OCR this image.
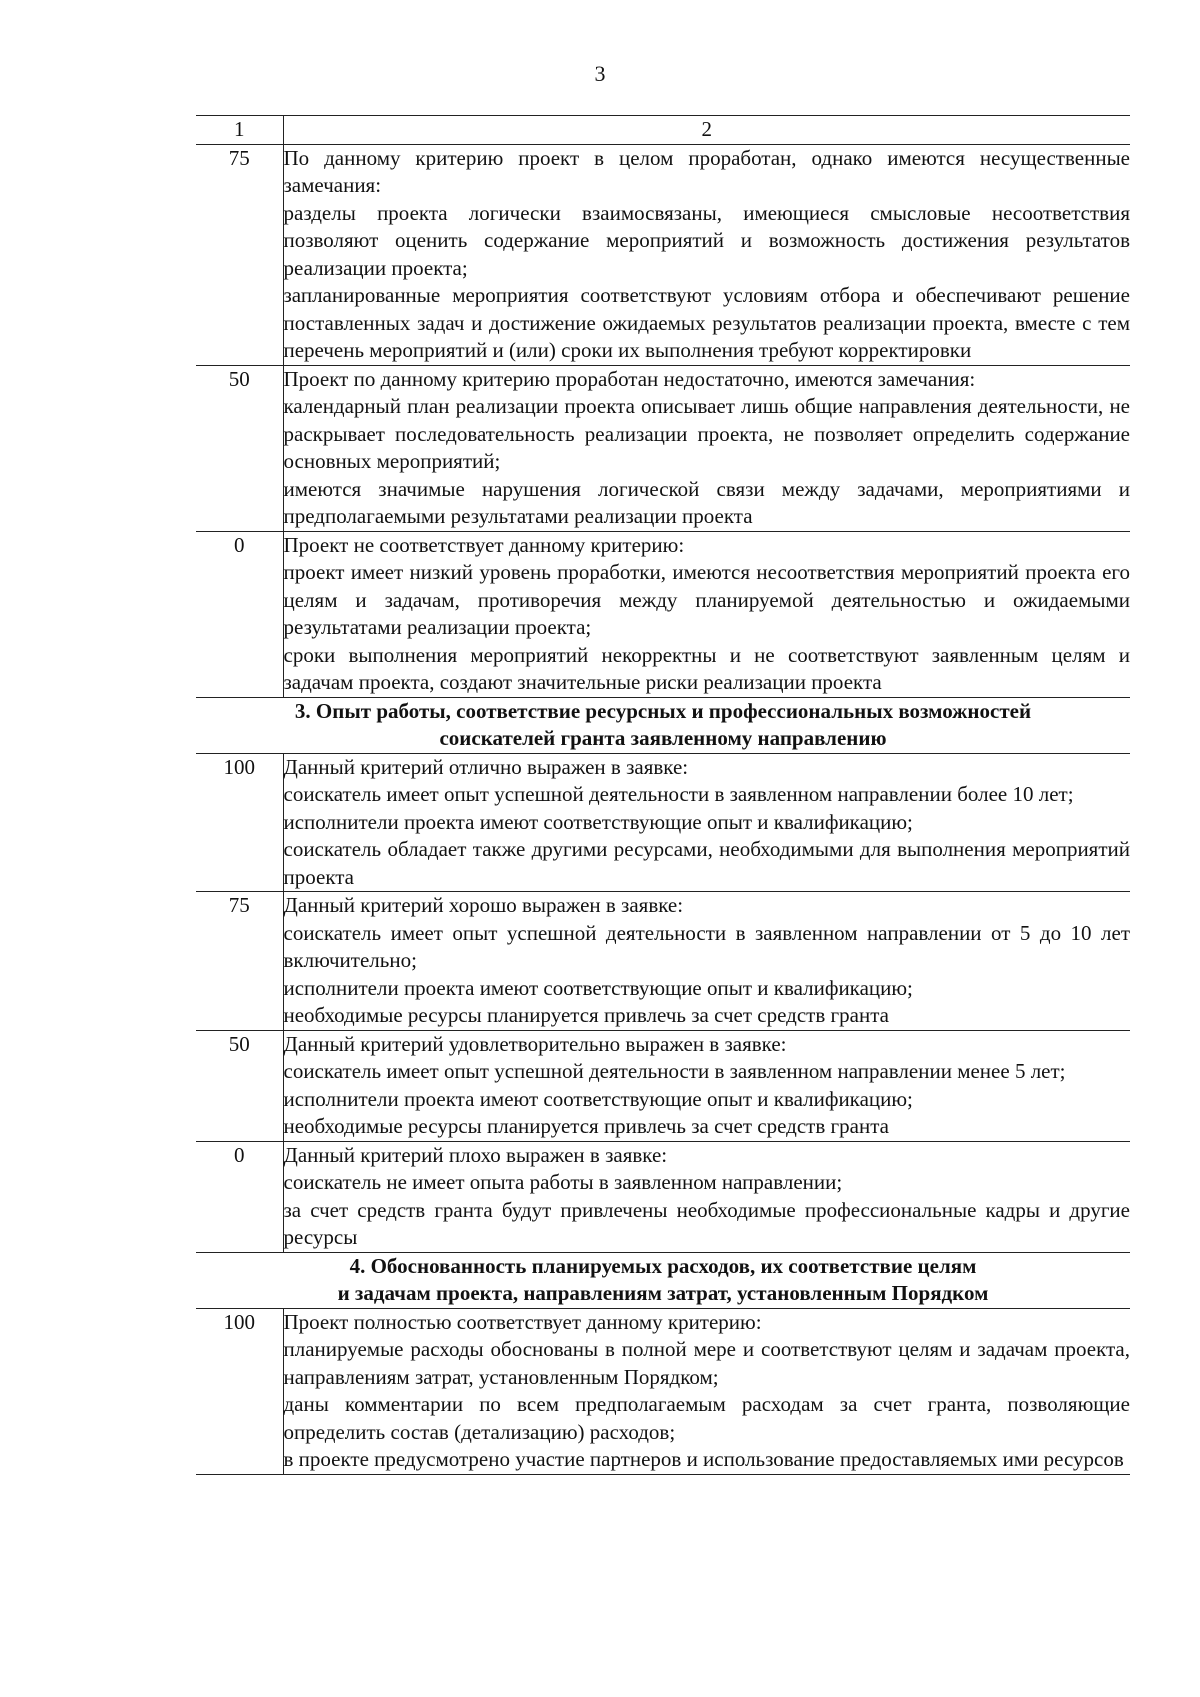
3
1	2
75	По данному критерию проект в целом проработан, однако имеются несущественные замечания:

разделы проекта логически взаимосвязаны, имеющиеся смысловые несоответствия позволяют оценить содержание мероприятий и возможность достижения результатов реализации проекта;

запланированные мероприятия соответствуют условиям отбора и обеспечивают решение поставленных задач и достижение ожидаемых результатов реализации проекта, вместе с тем перечень мероприятий и (или) сроки их выполнения требуют корректировки

50	Проект по данному критерию проработан недостаточно, имеются замечания:

календарный план реализации проекта описывает лишь общие направления деятельности, не раскрывает последовательность реализации проекта, не позволяет определить содержание основных мероприятий;

имеются значимые нарушения логической связи между задачами, мероприятиями и предполагаемыми результатами реализации проекта

0	Проект не соответствует данному критерию:

проект имеет низкий уровень проработки, имеются несоответствия мероприятий проекта его целям и задачам, противоречия между планируемой деятельностью и ожидаемыми результатами реализации проекта;

сроки выполнения мероприятий некорректны и не соответствуют заявленным целям и задачам проекта, создают значительные риски реализации проекта

3. Опыт работы, соответствие ресурсных и профессиональных возможностей
соискателей гранта заявленному направлению	

100	Данный критерий отлично выражен в заявке:

соискатель имеет опыт успешной деятельности в заявленном направлении более 10 лет;

исполнители проекта имеют соответствующие опыт и квалификацию;

соискатель обладает также другими ресурсами, необходимыми для выполнения мероприятий проекта

75	Данный критерий хорошо выражен в заявке:

соискатель имеет опыт успешной деятельности в заявленном направлении от 5 до 10 лет включительно;

исполнители проекта имеют соответствующие опыт и квалификацию;

необходимые ресурсы планируется привлечь за счет средств гранта

50	Данный критерий удовлетворительно выражен в заявке:

соискатель имеет опыт успешной деятельности в заявленном направлении менее 5 лет;

исполнители проекта имеют соответствующие опыт и квалификацию;

необходимые ресурсы планируется привлечь за счет средств гранта

0	Данный критерий плохо выражен в заявке:

соискатель не имеет опыта работы в заявленном направлении;

за счет средств гранта будут привлечены необходимые профессиональные кадры и другие ресурсы

4. Обоснованность планируемых расходов, их соответствие целям
и задачам проекта, направлениям затрат, установленным Порядком	

100	Проект полностью соответствует данному критерию:

планируемые расходы обоснованы в полной мере и соответствуют целям и задачам проекта, направлениям затрат, установленным Порядком;

даны комментарии по всем предполагаемым расходам за счет гранта, позволяющие определить состав (детализацию) расходов;

в проекте предусмотрено участие партнеров и использование предоставляемых ими ресурсов
